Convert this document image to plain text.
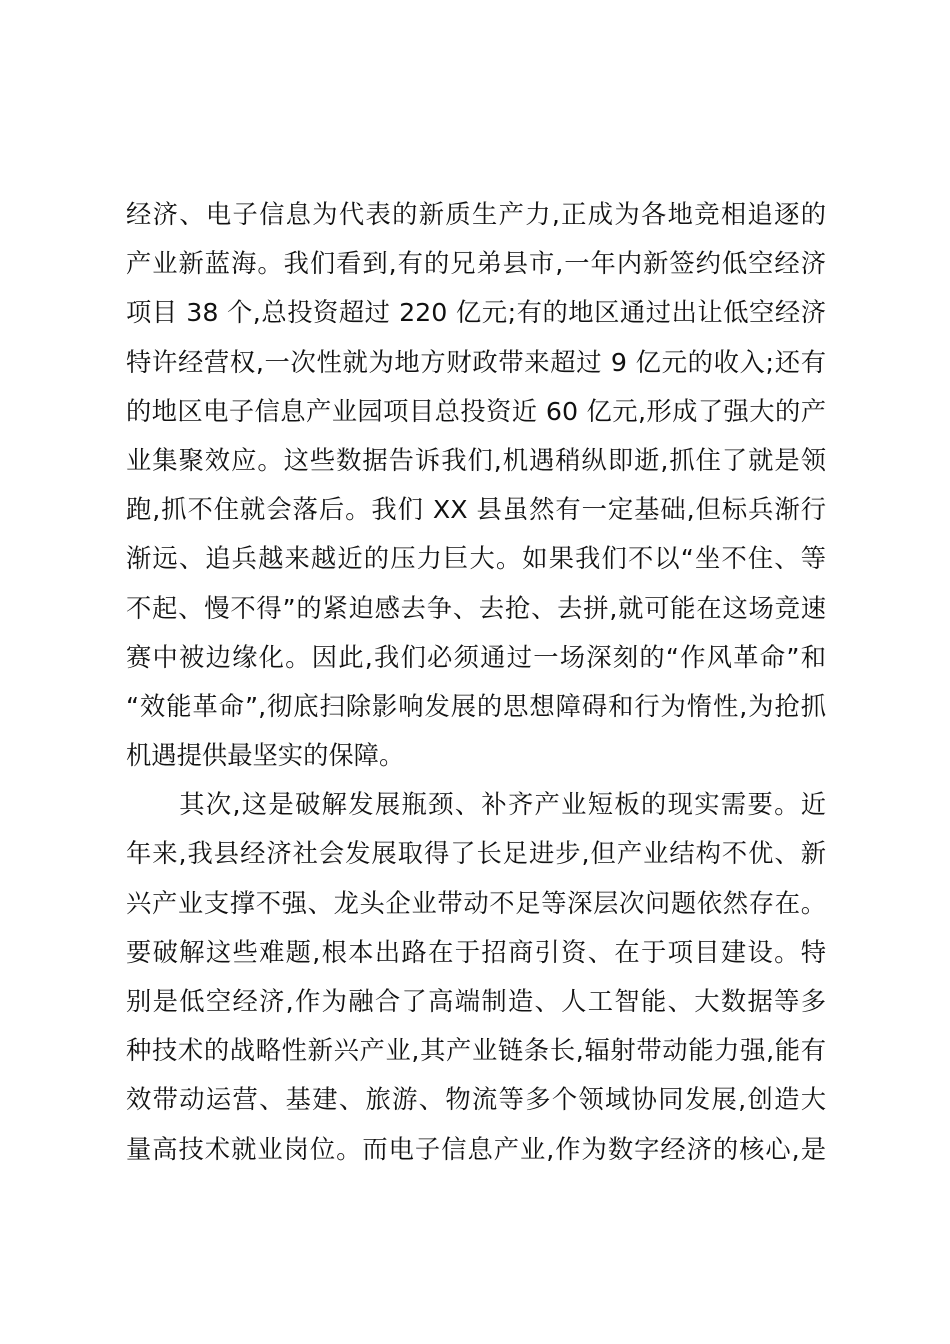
经济、电子信息为代表的新质生产力,正成为各地竞相追逐的
产业新蓝海。我们看到,有的兄弟县市,一年内新签约低空经济
项目 38 个,总投资超过 220 亿元;有的地区通过出让低空经济
特许经营权,一次性就为地方财政带来超过 9 亿元的收入;还有
的地区电子信息产业园项目总投资近 60 亿元,形成了强大的产
业集聚效应。这些数据告诉我们,机遇稍纵即逝,抓住了就是领
跑,抓不住就会落后。我们 XX 县虽然有一定基础,但标兵渐行
渐远、追兵越来越近的压力巨大。如果我们不以“坐不住、等
不起、慢不得”的紧迫感去争、去抢、去拼,就可能在这场竞速
赛中被边缘化。因此,我们必须通过一场深刻的“作风革命”和
“效能革命”,彻底扫除影响发展的思想障碍和行为惰性,为抢抓
机遇提供最坚实的保障。

　　其次,这是破解发展瓶颈、补齐产业短板的现实需要。近
年来,我县经济社会发展取得了长足进步,但产业结构不优、新
兴产业支撑不强、龙头企业带动不足等深层次问题依然存在。
要破解这些难题,根本出路在于招商引资、在于项目建设。特
别是低空经济,作为融合了高端制造、人工智能、大数据等多
种技术的战略性新兴产业,其产业链条长,辐射带动能力强,能有
效带动运营、基建、旅游、物流等多个领域协同发展,创造大
量高技术就业岗位。而电子信息产业,作为数字经济的核心,是
